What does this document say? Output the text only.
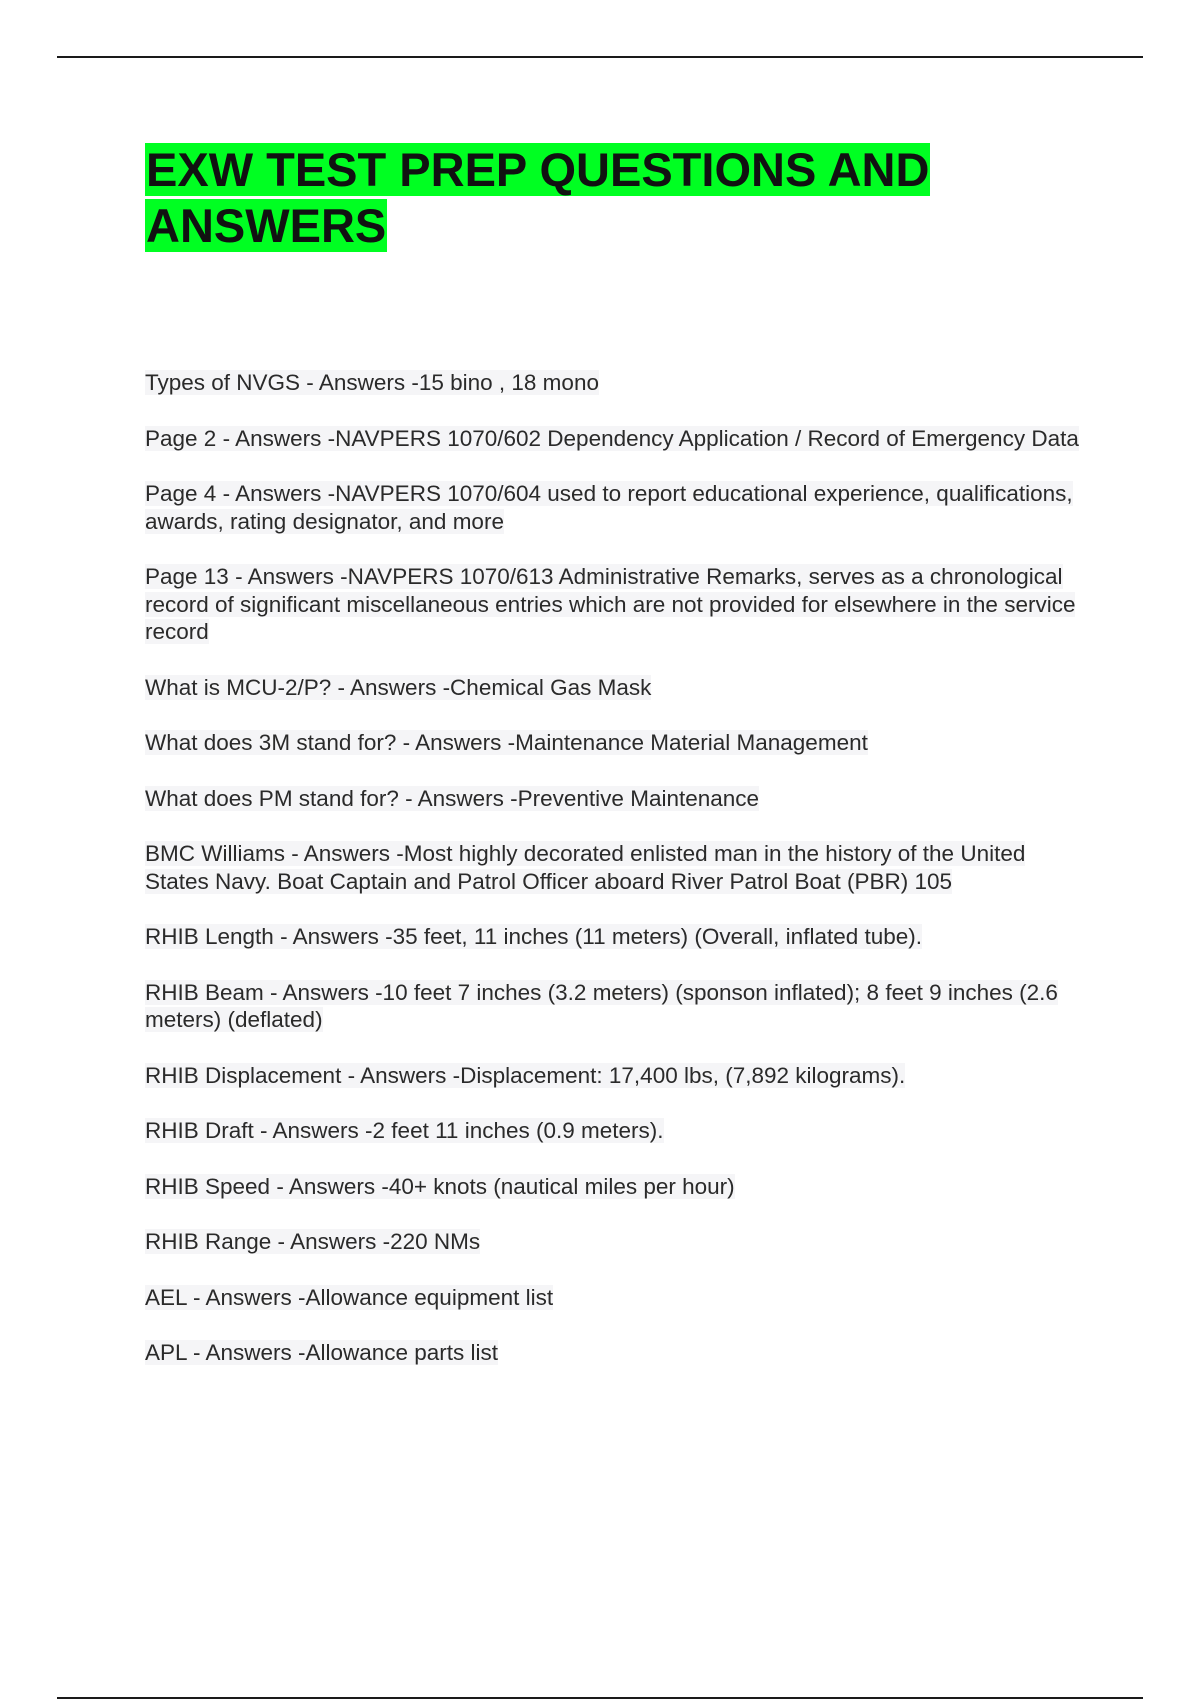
EXW TEST PREP QUESTIONS AND ANSWERS
Types of NVGS - Answers -15 bino , 18 mono
Page 2 - Answers -NAVPERS 1070/602 Dependency Application / Record of Emergency Data
Page 4 - Answers -NAVPERS 1070/604 used to report educational experience, qualifications, awards, rating designator, and more
Page 13 - Answers -NAVPERS 1070/613 Administrative Remarks, serves as a chronological record of significant miscellaneous entries which are not provided for elsewhere in the service record
What is MCU-2/P? - Answers -Chemical Gas Mask
What does 3M stand for? - Answers -Maintenance Material Management
What does PM stand for? - Answers -Preventive Maintenance
BMC Williams - Answers -Most highly decorated enlisted man in the history of the United States Navy. Boat Captain and Patrol Officer aboard River Patrol Boat (PBR) 105
RHIB Length - Answers -35 feet, 11 inches (11 meters) (Overall, inflated tube).
RHIB Beam - Answers -10 feet 7 inches (3.2 meters) (sponson inflated); 8 feet 9 inches (2.6 meters) (deflated)
RHIB Displacement - Answers -Displacement: 17,400 lbs, (7,892 kilograms).
RHIB Draft - Answers -2 feet 11 inches (0.9 meters).
RHIB Speed - Answers -40+ knots (nautical miles per hour)
RHIB Range - Answers -220 NMs
AEL - Answers -Allowance equipment list
APL - Answers -Allowance parts list
